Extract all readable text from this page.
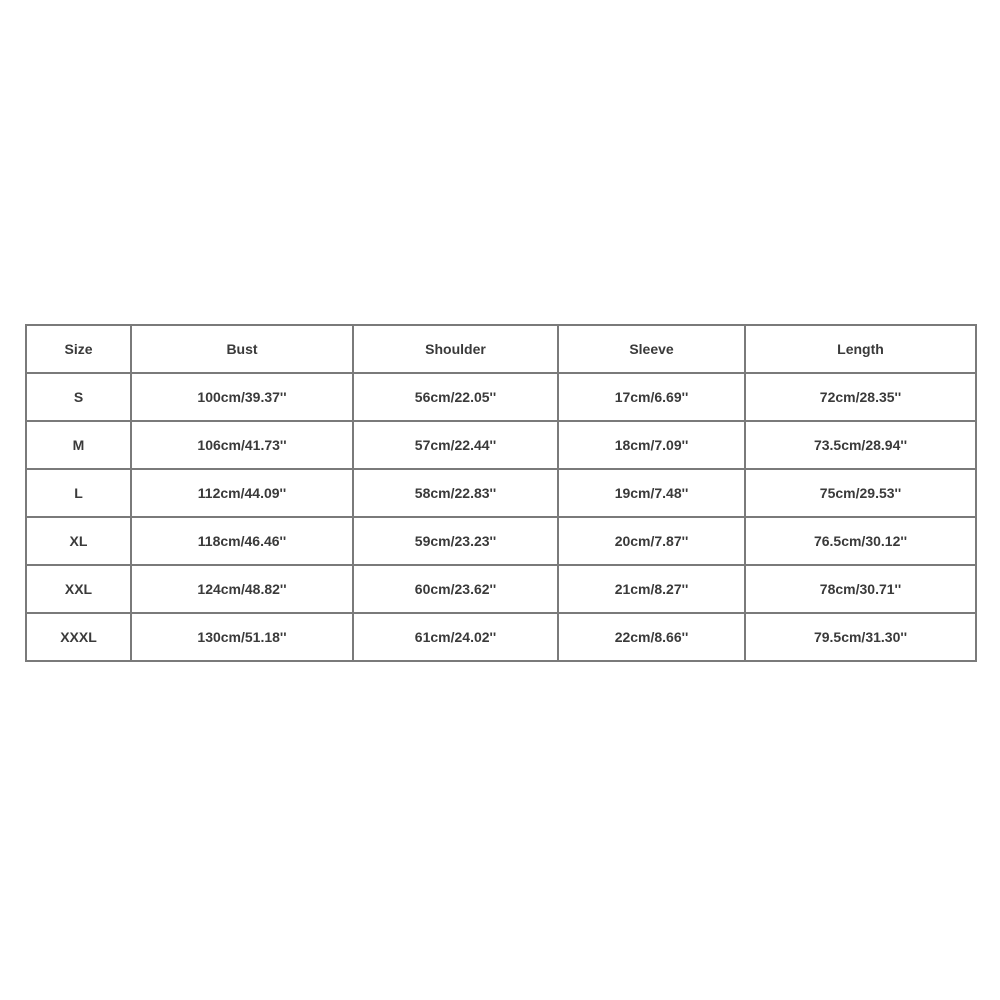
Size	Bust	Shoulder	Sleeve	Length
S	100cm/39.37''	56cm/22.05''	17cm/6.69''	72cm/28.35''
M	106cm/41.73''	57cm/22.44''	18cm/7.09''	73.5cm/28.94''
L	112cm/44.09''	58cm/22.83''	19cm/7.48''	75cm/29.53''
XL	118cm/46.46''	59cm/23.23''	20cm/7.87''	76.5cm/30.12''
XXL	124cm/48.82''	60cm/23.62''	21cm/8.27''	78cm/30.71''
XXXL	130cm/51.18''	61cm/24.02''	22cm/8.66''	79.5cm/31.30''
